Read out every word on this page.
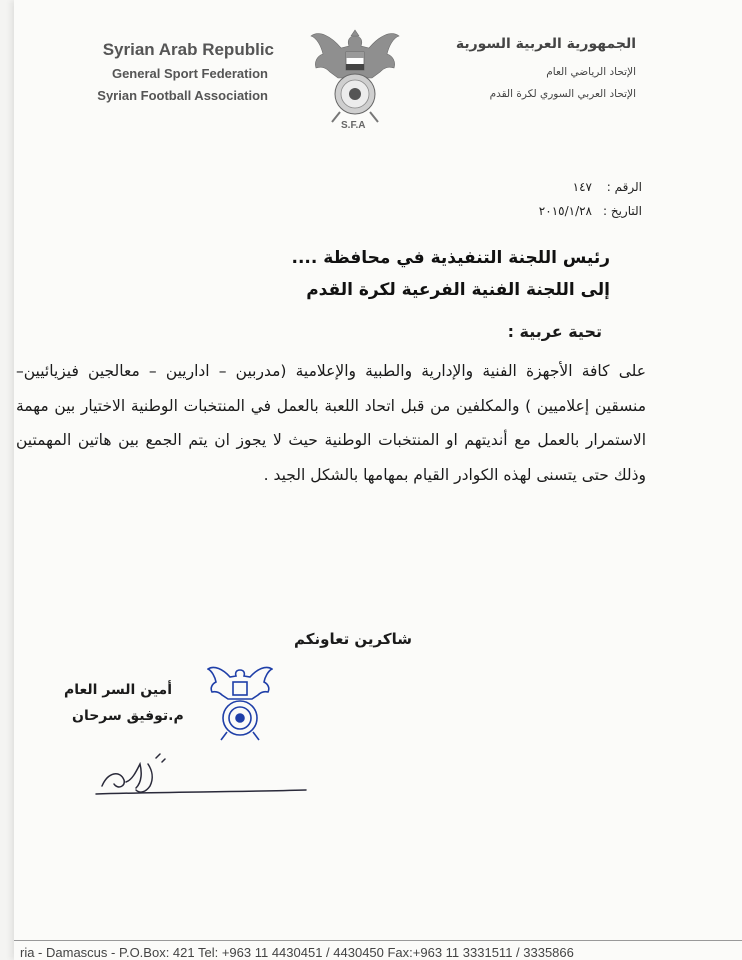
Syrian Arab Republic
General Sport Federation
Syrian Football Association
S.F.A
الجمهورية العربية السورية
الإتحاد الرياضي العام
الإتحاد العربي السوري لكرة القدم
الرقم :
١٤٧
التاريخ :
٢٠١٥/١/٢٨
رئيس اللجنة التنفيذية في محافظة ....
إلى اللجنة الفنية الفرعية لكرة القدم
تحية عربية :
على كافة الأجهزة الفنية والإدارية والطبية والإعلامية (مدربين – اداريين – معالجين فيزيائيين– منسقين إعلاميين ) والمكلفين من قبل اتحاد اللعبة بالعمل في المنتخبات الوطنية الاختيار بين مهمة الاستمرار بالعمل مع أنديتهم او المنتخبات الوطنية حيث لا يجوز ان يتم الجمع بين هاتين المهمتين وذلك حتى يتسنى لهذه الكوادر القيام بمهامها بالشكل الجيد .
شاكرين تعاونكم
أمين السر العام
م.توفيق سرحان
ria - Damascus - P.O.Box: 421 Tel: +963 11 4430451 / 4430450 Fax:+963 11 3331511 / 3335866
